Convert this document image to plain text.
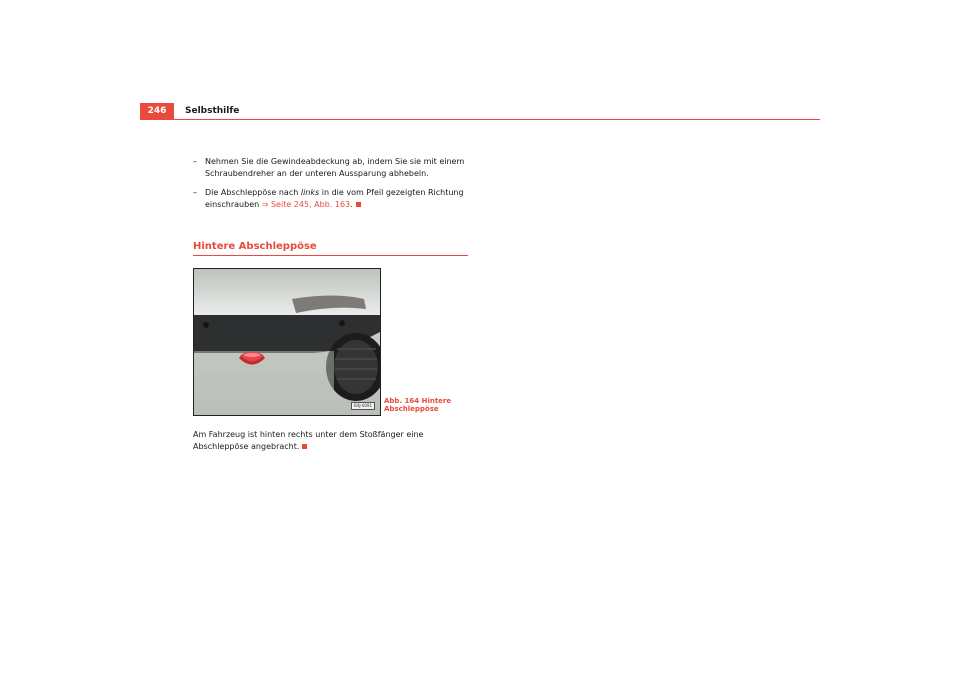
246	Selbsthilfe
–	Nehmen Sie die Gewindeabdeckung ab, indem Sie sie mit einem Schraubendreher an der unteren Aussparung abhebeln.
–	Die Abschleppöse nach links in die vom Pfeil gezeigten Richtung einschrauben ⇒ Seite 245, Abb. 163.
Hintere Abschleppöse
B4J-0091
Abb. 164 Hintere Abschleppöse
Am Fahrzeug ist hinten rechts unter dem Stoßfänger eine Abschleppöse angebracht.
